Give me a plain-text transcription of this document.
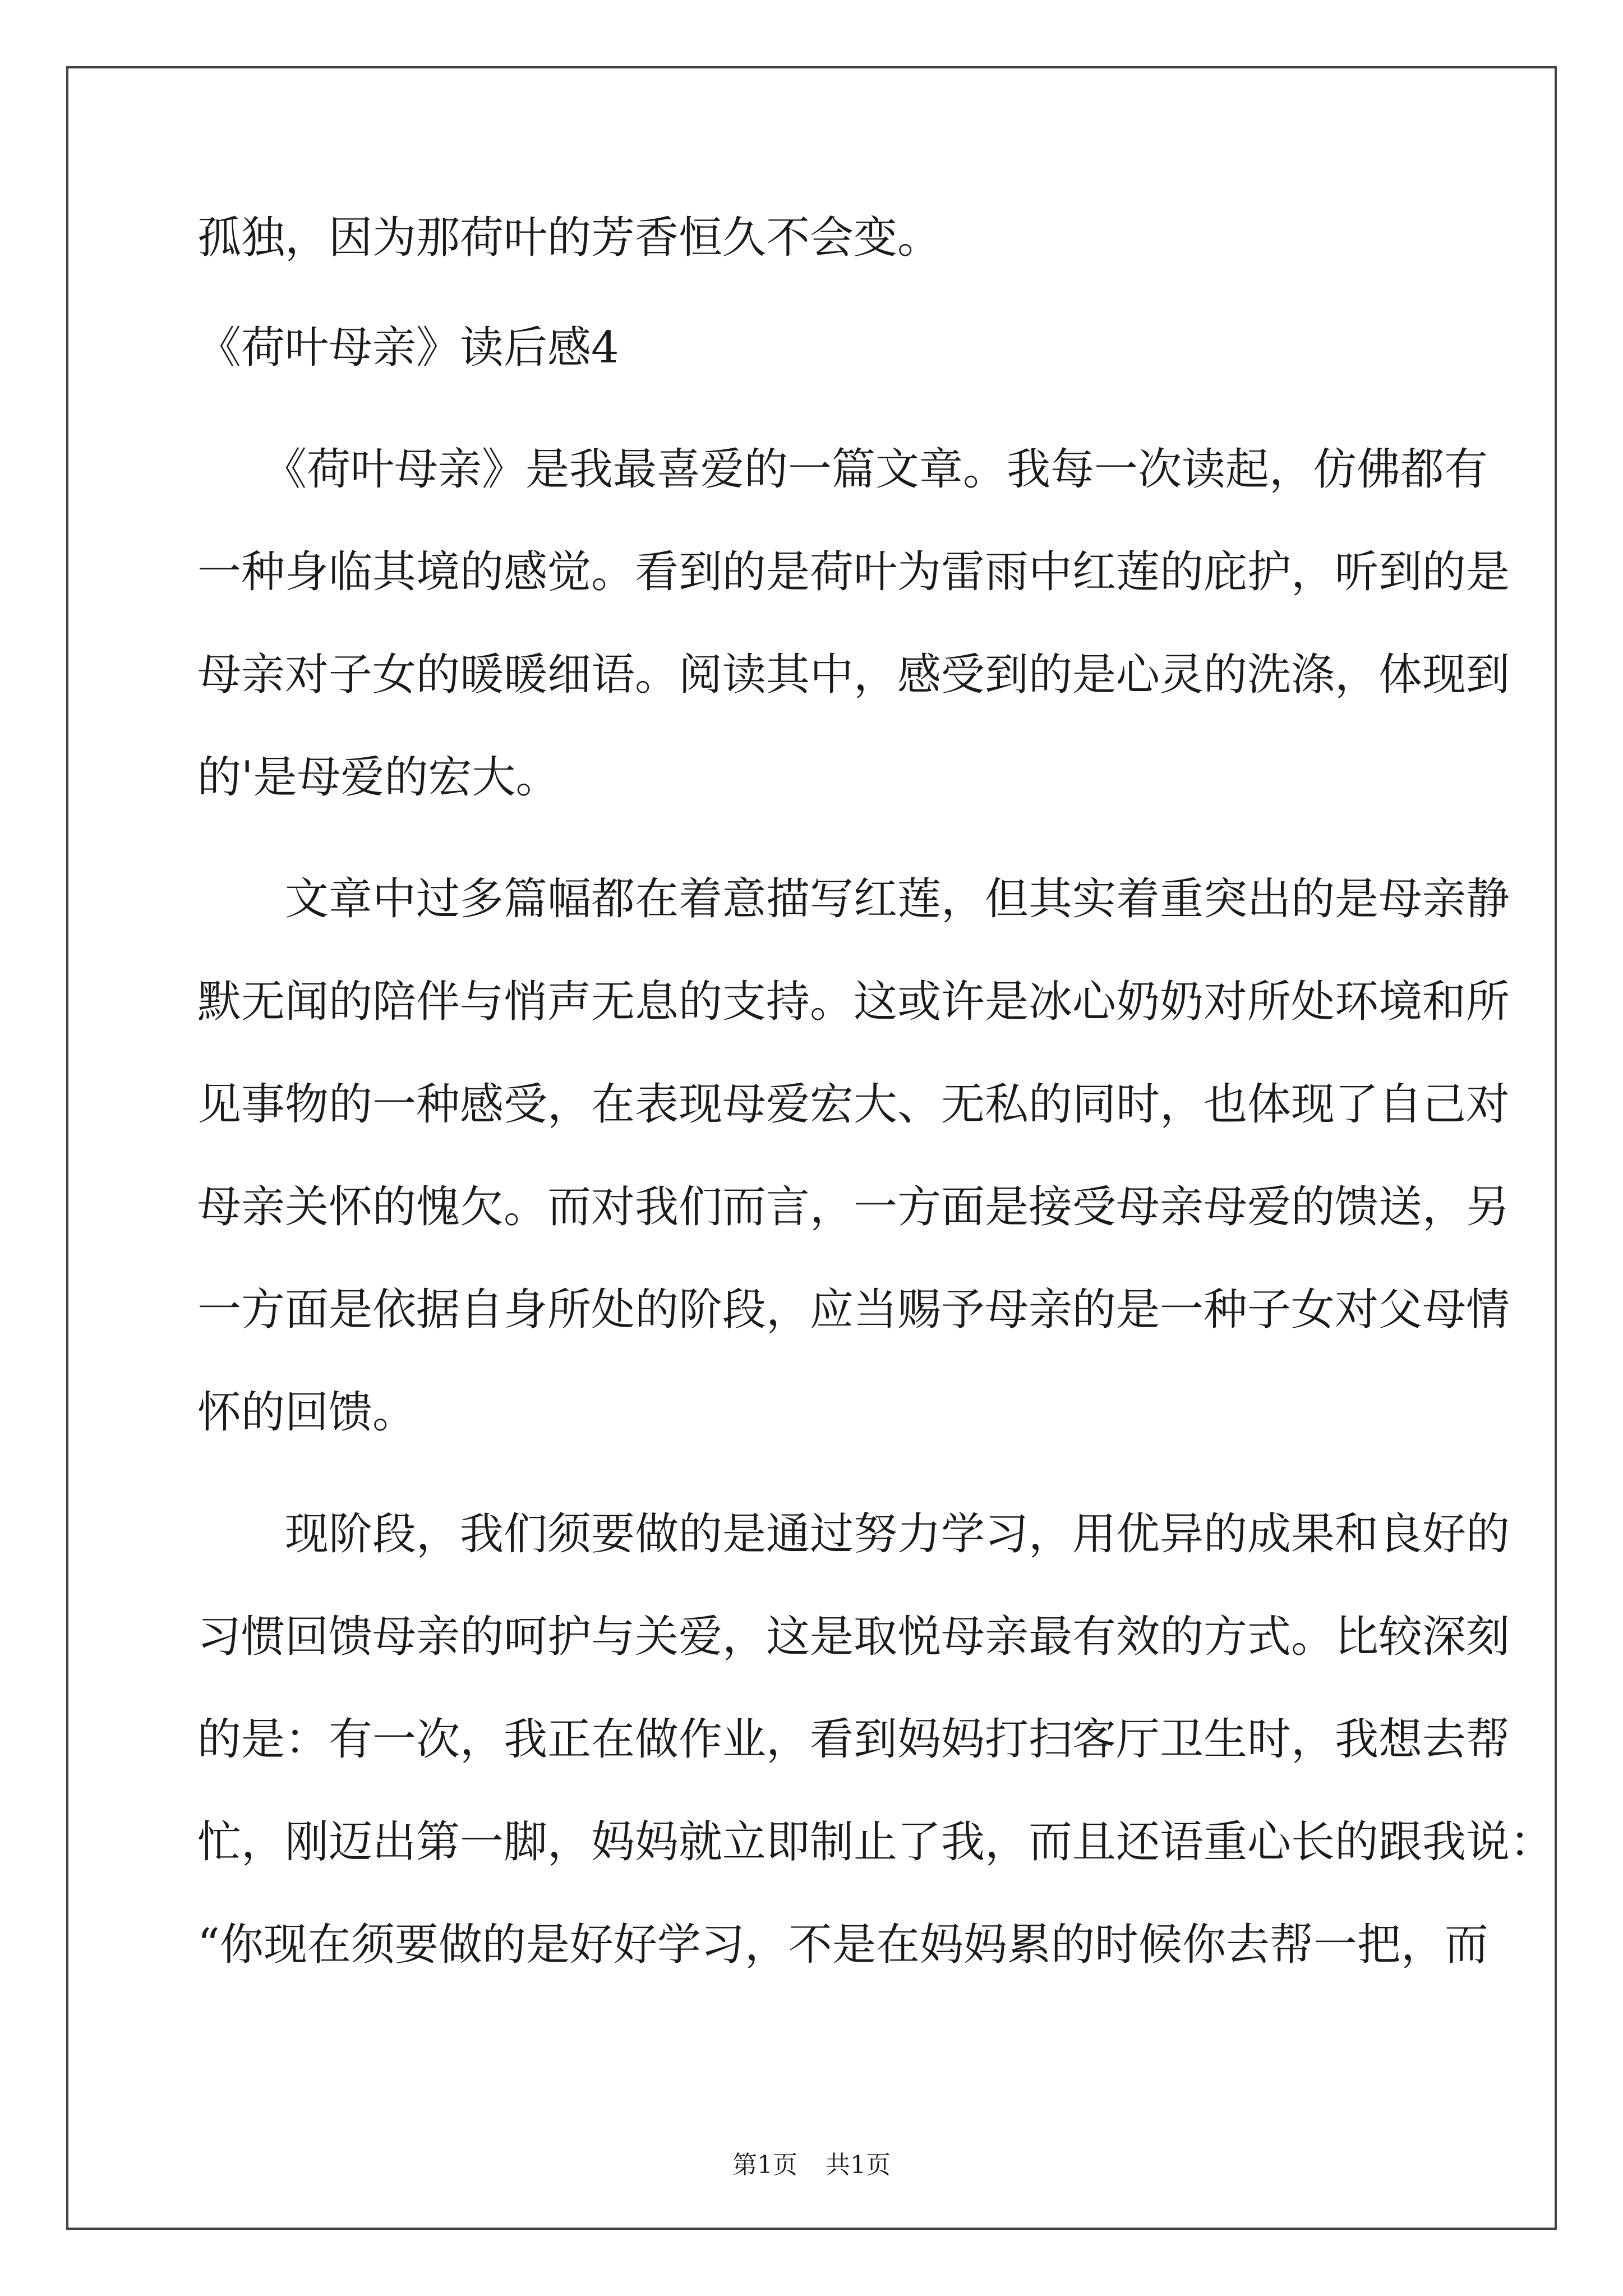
孤独，因为那荷叶的芳香恒久不会变。
《荷叶母亲》读后感4
　　《荷叶母亲》是我最喜爱的一篇文章。我每一次读起，仿佛都有
一种身临其境的感觉。看到的是荷叶为雷雨中红莲的庇护，听到的是
母亲对子女的暖暖细语。阅读其中，感受到的是心灵的洗涤，体现到
的'是母爱的宏大。
　　文章中过多篇幅都在着意描写红莲，但其实着重突出的是母亲静
默无闻的陪伴与悄声无息的支持。这或许是冰心奶奶对所处环境和所
见事物的一种感受，在表现母爱宏大、无私的同时，也体现了自己对
母亲关怀的愧欠。而对我们而言，一方面是接受母亲母爱的馈送，另
一方面是依据自身所处的阶段，应当赐予母亲的是一种子女对父母情
怀的回馈。
　　现阶段，我们须要做的是通过努力学习，用优异的成果和良好的
习惯回馈母亲的呵护与关爱，这是取悦母亲最有效的方式。比较深刻
的是：有一次，我正在做作业，看到妈妈打扫客厅卫生时，我想去帮
忙，刚迈出第一脚，妈妈就立即制止了我，而且还语重心长的跟我说：
“你现在须要做的是好好学习，不是在妈妈累的时候你去帮一把，而
第1页 共1页
